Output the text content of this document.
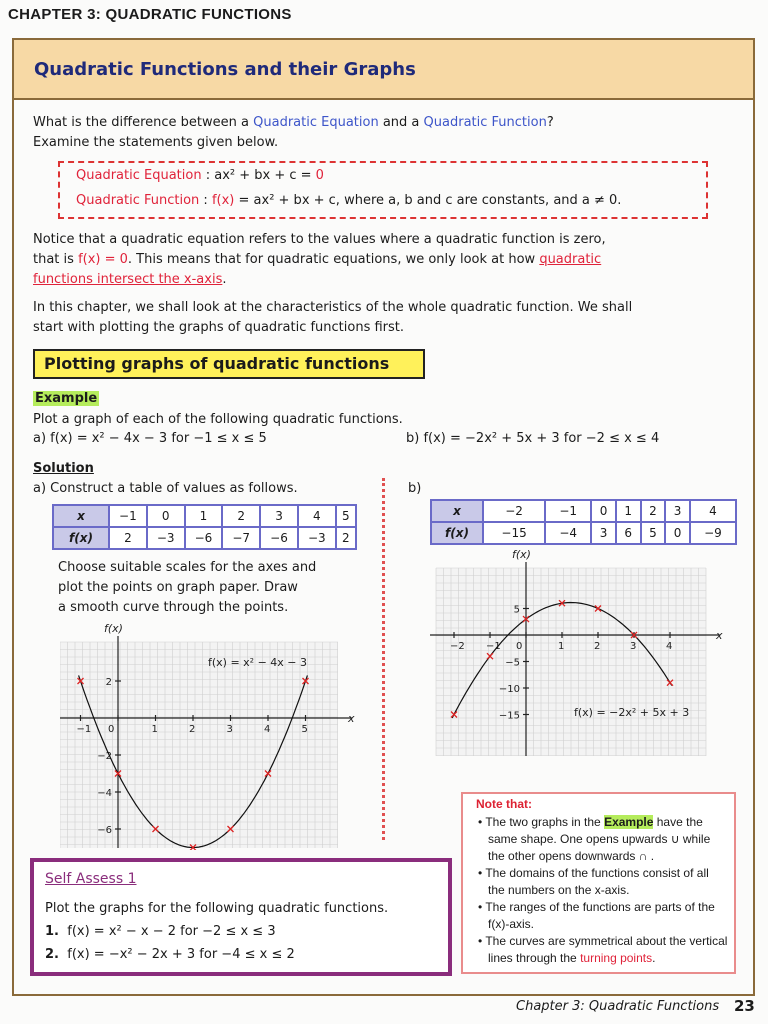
CHAPTER 3: QUADRATIC FUNCTIONS
Quadratic Functions and their Graphs
What is the difference between a Quadratic Equation and a Quadratic Function?
Examine the statements given below.
Quadratic Equation : ax² + bx + c = 0
Quadratic Function : f(x) = ax² + bx + c, where a, b and c are constants, and a ≠ 0.
Notice that a quadratic equation refers to the values where a quadratic function is zero,
that is f(x) = 0. This means that for quadratic equations, we only look at how quadratic
functions intersect the x-axis.
In this chapter, we shall look at the characteristics of the whole quadratic function. We shall
start with plotting the graphs of quadratic functions first.
Plotting graphs of quadratic functions
Example
Plot a graph of each of the following quadratic functions.
a) f(x) = x² − 4x − 3 for −1 ≤ x ≤ 5	b) f(x) = −2x² + 5x + 3 for −2 ≤ x ≤ 4
Solution
a) Construct a table of values as follows.	b)
x	−1	0	1	2	3	4	5
f(x)	2	−3	−6	−7	−6	−3	2
x	−2	−1	0	1	2	3	4
f(x)	−15	−4	3	6	5	0	−9
Choose suitable scales for the axes and
plot the points on graph paper. Draw
a smooth curve through the points.
x
f(x)
−1 0	1	2	3	4	5
2
−2
−4
−6
f(x) = x² − 4x − 3
x
f(x)
−2 −1 0	1	2	3	4
5
−5
−10
−15	f(x) = −2x² + 5x + 3
Note that:
• The two graphs in the Example have the same shape. One opens upwards ∪ while the other opens downwards ∩ .
• The domains of the functions consist of all the numbers on the x-axis.
• The ranges of the functions are parts of the f(x)-axis.
• The curves are symmetrical about the vertical lines through the turning points.
Self Assess 1
Plot the graphs for the following quadratic functions.
1. f(x) = x² − x − 2 for −2 ≤ x ≤ 3
2. f(x) = −x² − 2x + 3 for −4 ≤ x ≤ 2
Chapter 3: Quadratic Functions 23
